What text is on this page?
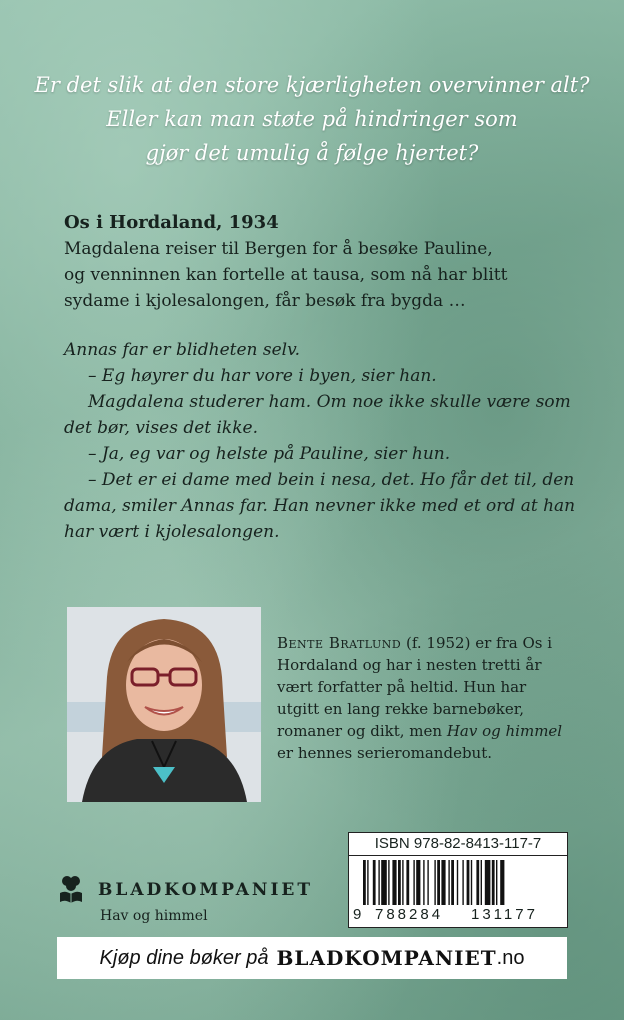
Er det slik at den store kjærligheten overvinner alt?
Eller kan man støte på hindringer som
gjør det umulig å følge hjertet?

Os i Hordaland, 1934

Magdalena reiser til Bergen for å besøke Pauline,

og venninnen kan fortelle at tausa, som nå har blitt

sydame i kjolesalongen, får besøk fra bygda …

Annas far er blidheten selv.

– Eg høyrer du har vore i byen, sier han.

Magdalena studerer ham. Om noe ikke skulle være som

det bør, vises det ikke.

– Ja, eg var og helste på Pauline, sier hun.

– Det er ei dame med bein i nesa, det. Ho får det til, den

dama, smiler Annas far. Han nevner ikke med et ord at han

har vært i kjolesalongen.

Bente Bratlund (f. 1952) er fra Os i
Hordaland og har i nesten tretti år
vært forfatter på heltid. Hun har
utgitt en lang rekke barnebøker,
romaner og dikt, men Hav og himmel
er hennes serieromandebut.
BLADKOMPANIET
Hav og himmel
ISBN 978-82-8413-117-7
9 788284 131177
Kjøp dine bøker på BLADKOMPANIET .no
